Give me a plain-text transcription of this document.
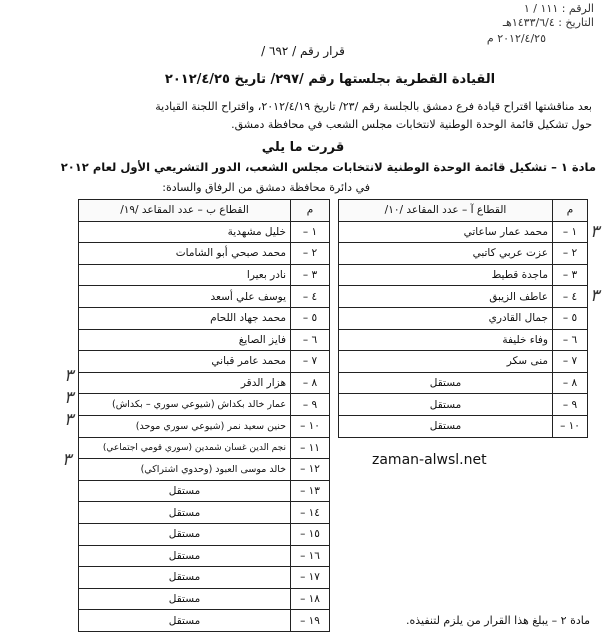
الرقم : ١١١ / ١
التاريخ : ١٤٣٣/٦/٤هـ
٢٠١٢/٤/٢٥ م
قرار رقم / ٦٩٢ /
القيادة القطرية بجلستها رقم /٢٩٧/ تاريخ ٢٠١٢/٤/٢٥
بعد مناقشتها اقتراح قيادة فرع دمشق بالجلسة رقم /٢٣/ تاريخ ٢٠١٢/٤/١٩، واقتراح اللجنة القيادية
حول تشكيل قائمة الوحدة الوطنية لانتخابات مجلس الشعب في محافظة دمشق.
قررت ما يلي
مادة ١ – تشكيل قائمة الوحدة الوطنية لانتخابات مجلس الشعب، الدور التشريعي الأول لعام ٢٠١٢
في دائرة محافظة دمشق من الرفاق والسادة:
م	القطاع آ – عدد المقاعد /١٠/
١ –	محمد عمار ساعاتي
٢ –	عزت عربي كاتبي
٣ –	ماجدة قطيط
٤ –	عاطف الزيبق
٥ –	جمال القادري
٦ –	وفاء خليفة
٧ –	منى سكر
٨ –	مستقل
٩ –	مستقل
١٠ –	مستقل
م	القطاع ب – عدد المقاعد /١٩/
١ –	خليل مشهدية
٢ –	محمد صبحي أبو الشامات
٣ –	نادر بعيرا
٤ –	يوسف علي أسعد
٥ –	محمد جهاد اللحام
٦ –	فايز الصايغ
٧ –	محمد عامر قباني
٨ –	هزار الدقر
٩ –	عمار خالد بكداش (شيوعي سوري – بكداش)
١٠ –	حنين سعيد نمر (شيوعي سوري موحد)
١١ –	نجم الدين غسان شمدين (سوري قومي اجتماعي)
١٢ –	خالد موسى العبود (وحدوي اشتراكي)
١٣ –	مستقل
١٤ –	مستقل
١٥ –	مستقل
١٦ –	مستقل
١٧ –	مستقل
١٨ –	مستقل
١٩ –	مستقل
٣
٣
٣
٣
٣
٣	zaman-alwsl.net
مادة ٢ – يبلغ هذا القرار من يلزم لتنفيذه.
